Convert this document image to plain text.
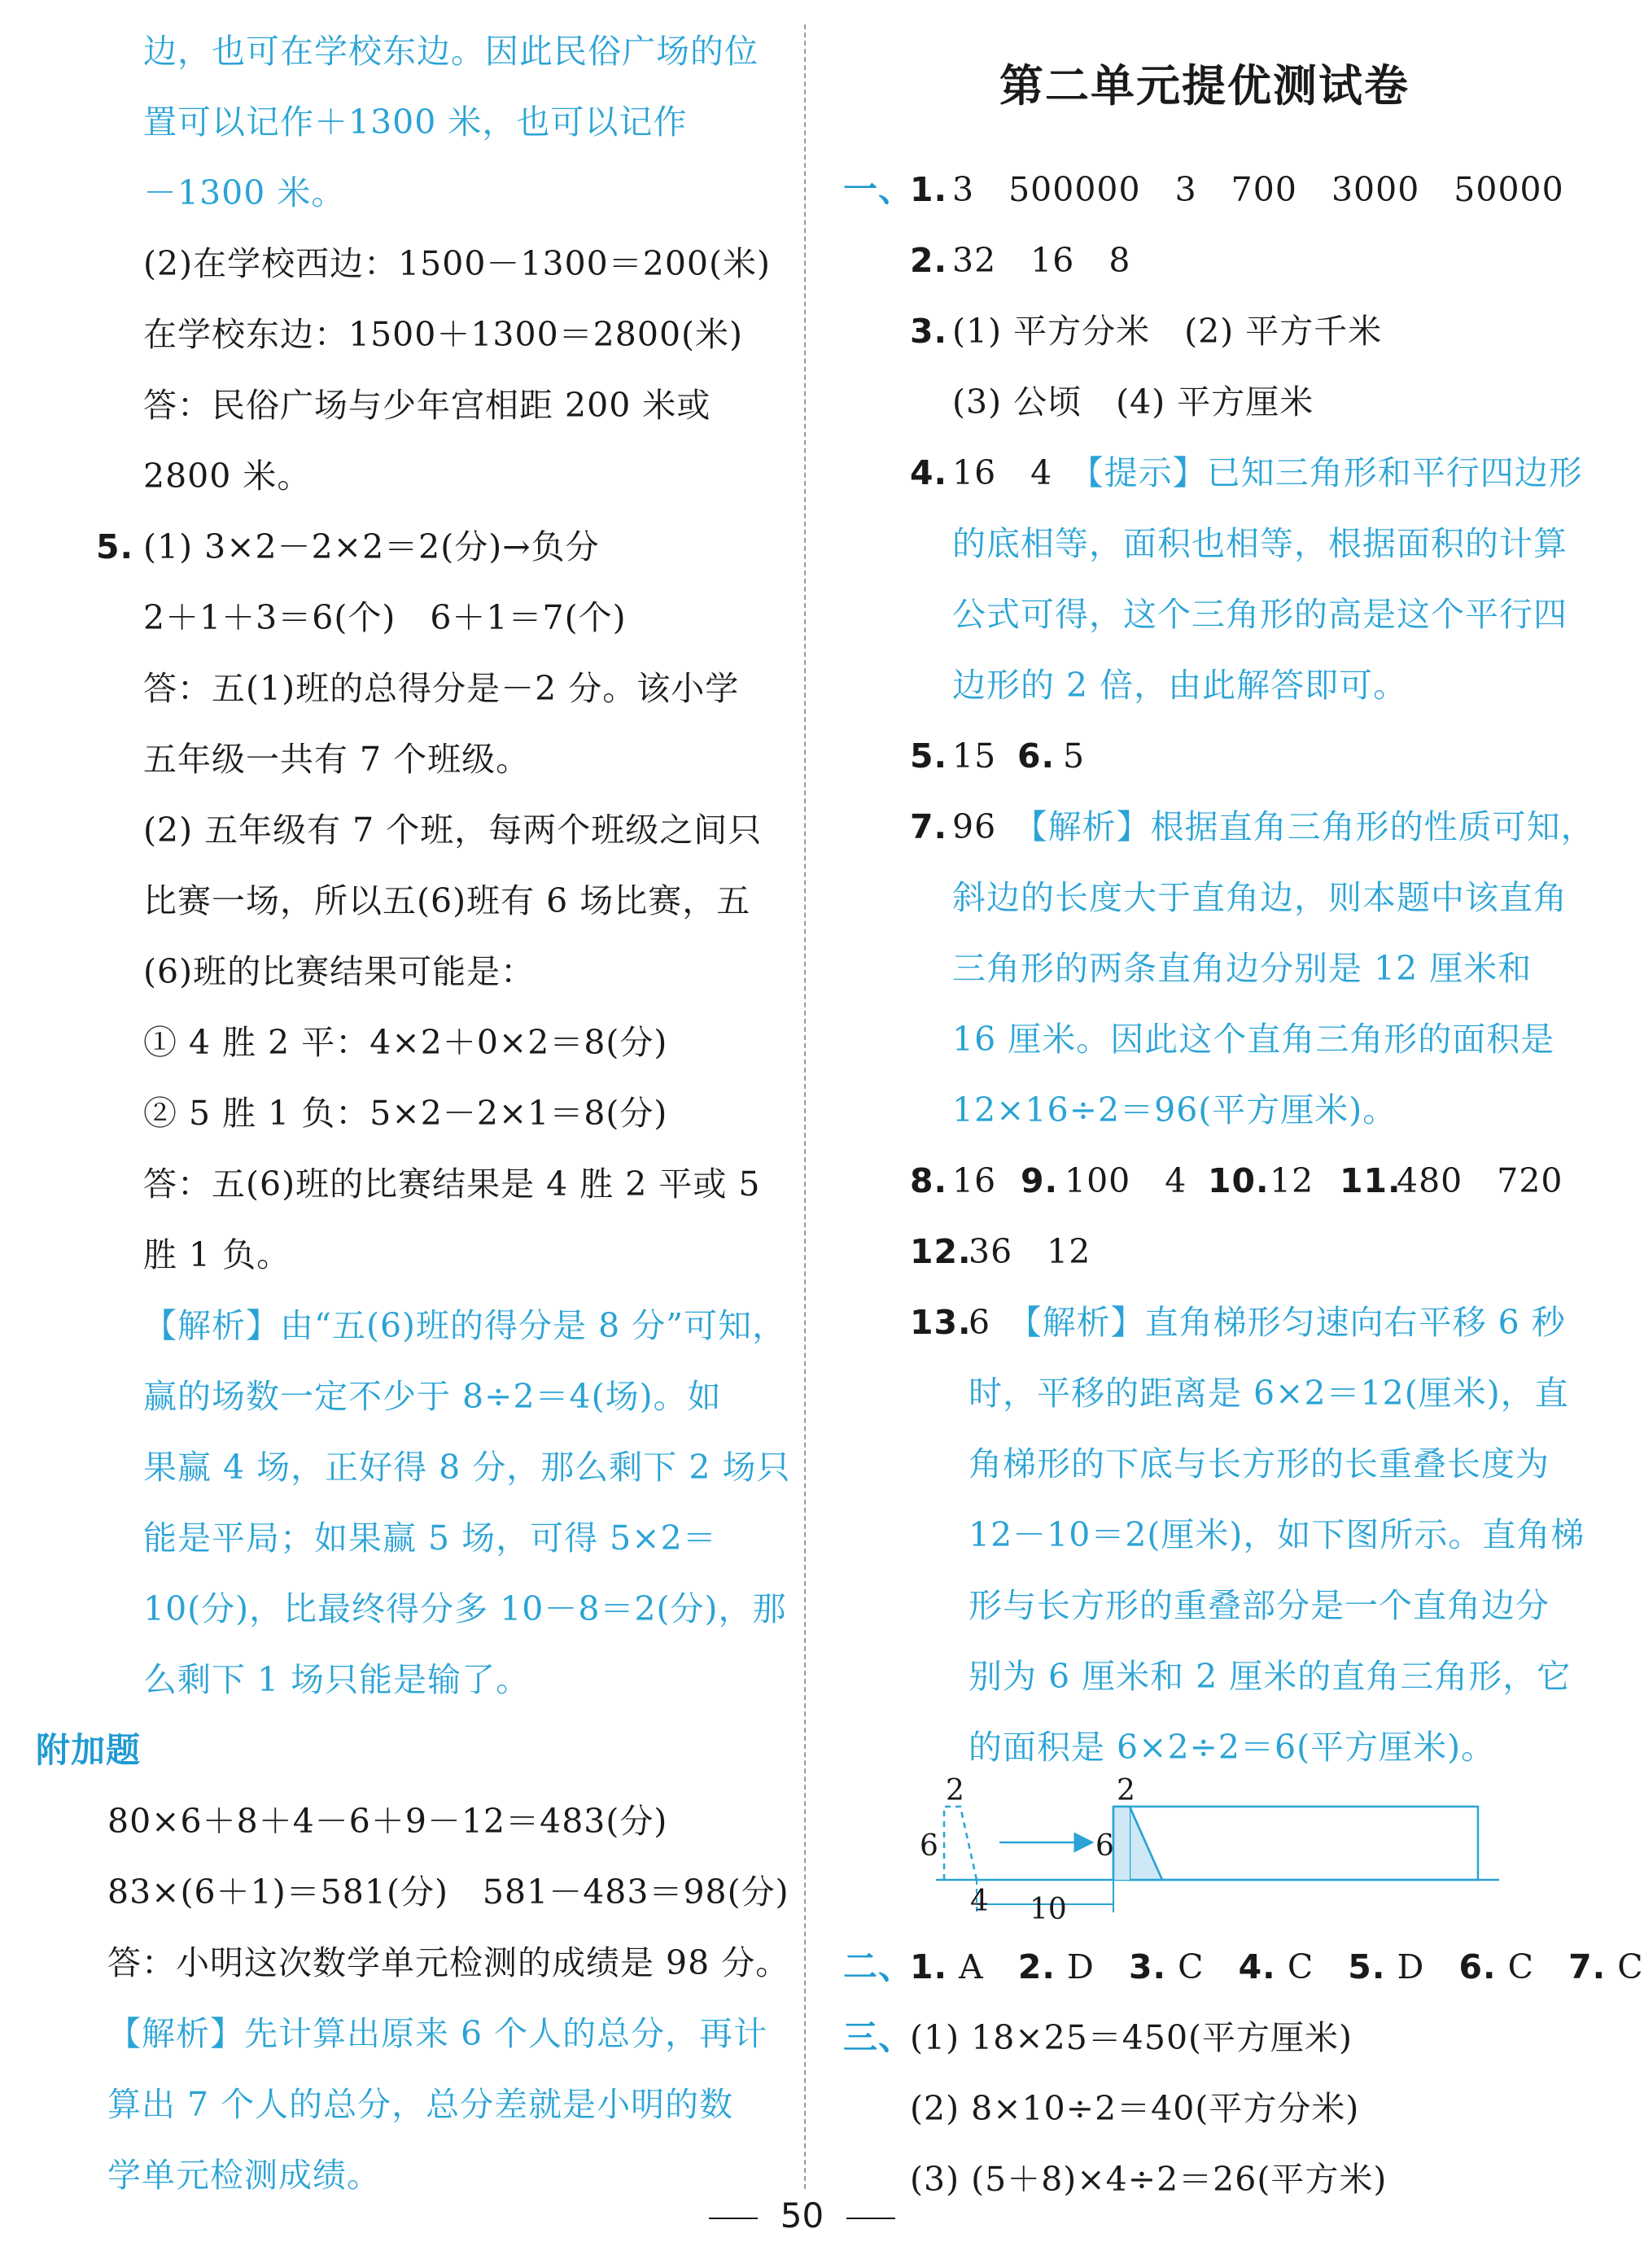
边，也可在学校东边。因此民俗广场的位
置可以记作＋1300 米，也可以记作
－1300 米。
(2)在学校西边：1500－1300＝200(米)
在学校东边：1500＋1300＝2800(米)
答：民俗广场与少年宫相距 200 米或
2800 米。
5. (1) 3×2－2×2＝2(分)→负分
2＋1＋3＝6(个)　6＋1＝7(个)
答：五(1)班的总得分是－2 分。该小学
五年级一共有 7 个班级。
(2) 五年级有 7 个班，每两个班级之间只
比赛一场，所以五(6)班有 6 场比赛，五
(6)班的比赛结果可能是：
① 4 胜 2 平：4×2＋0×2＝8(分)
② 5 胜 1 负：5×2－2×1＝8(分)
答：五(6)班的比赛结果是 4 胜 2 平或 5
胜 1 负。
【解析】由“五(6)班的得分是 8 分”可知，
赢的场数一定不少于 8÷2＝4(场)。如
果赢 4 场，正好得 8 分，那么剩下 2 场只
能是平局；如果赢 5 场，可得 5×2＝
10(分)，比最终得分多 10－8＝2(分)，那
么剩下 1 场只能是输了。
附加题
80×6＋8＋4－6＋9－12＝483(分)
83×(6＋1)＝581(分)　581－483＝98(分)
答：小明这次数学单元检测的成绩是 98 分。
【解析】先计算出原来 6 个人的总分，再计
算出 7 个人的总分，总分差就是小明的数
学单元检测成绩。
第二单元提优测试卷
一、
1. 3　500000　3　700　3000　50000
2. 32　16　8
3. (1) 平方分米　(2) 平方千米
(3) 公顷　(4) 平方厘米
4. 16　4　【提示】已知三角形和平行四边形
的底相等，面积也相等，根据面积的计算
公式可得，这个三角形的高是这个平行四
边形的 2 倍，由此解答即可。
5. 15 6. 5
7. 96　【解析】根据直角三角形的性质可知，
斜边的长度大于直角边，则本题中该直角
三角形的两条直角边分别是 12 厘米和
16 厘米。因此这个直角三角形的面积是
12×16÷2＝96(平方厘米)。
8. 16 9. 100　4 10. 12 11.
480　720
12.
36　12
13.
6　【解析】直角梯形匀速向右平移 6 秒
时，平移的距离是 6×2＝12(厘米)，直
角梯形的下底与长方形的长重叠长度为
12－10＝2(厘米)，如下图所示。直角梯
形与长方形的重叠部分是一个直角边分
别为 6 厘米和 2 厘米的直角三角形，它
的面积是 6×2÷2＝6(平方厘米)。
2
6
4 10
2
6
二、
1. A 2. D 3. C 4. C 5. D 6. C 7. C
三、
(1) 18×25＝450(平方厘米)
(2) 8×10÷2＝40(平方分米)
(3) (5＋8)×4÷2＝26(平方米)
50
